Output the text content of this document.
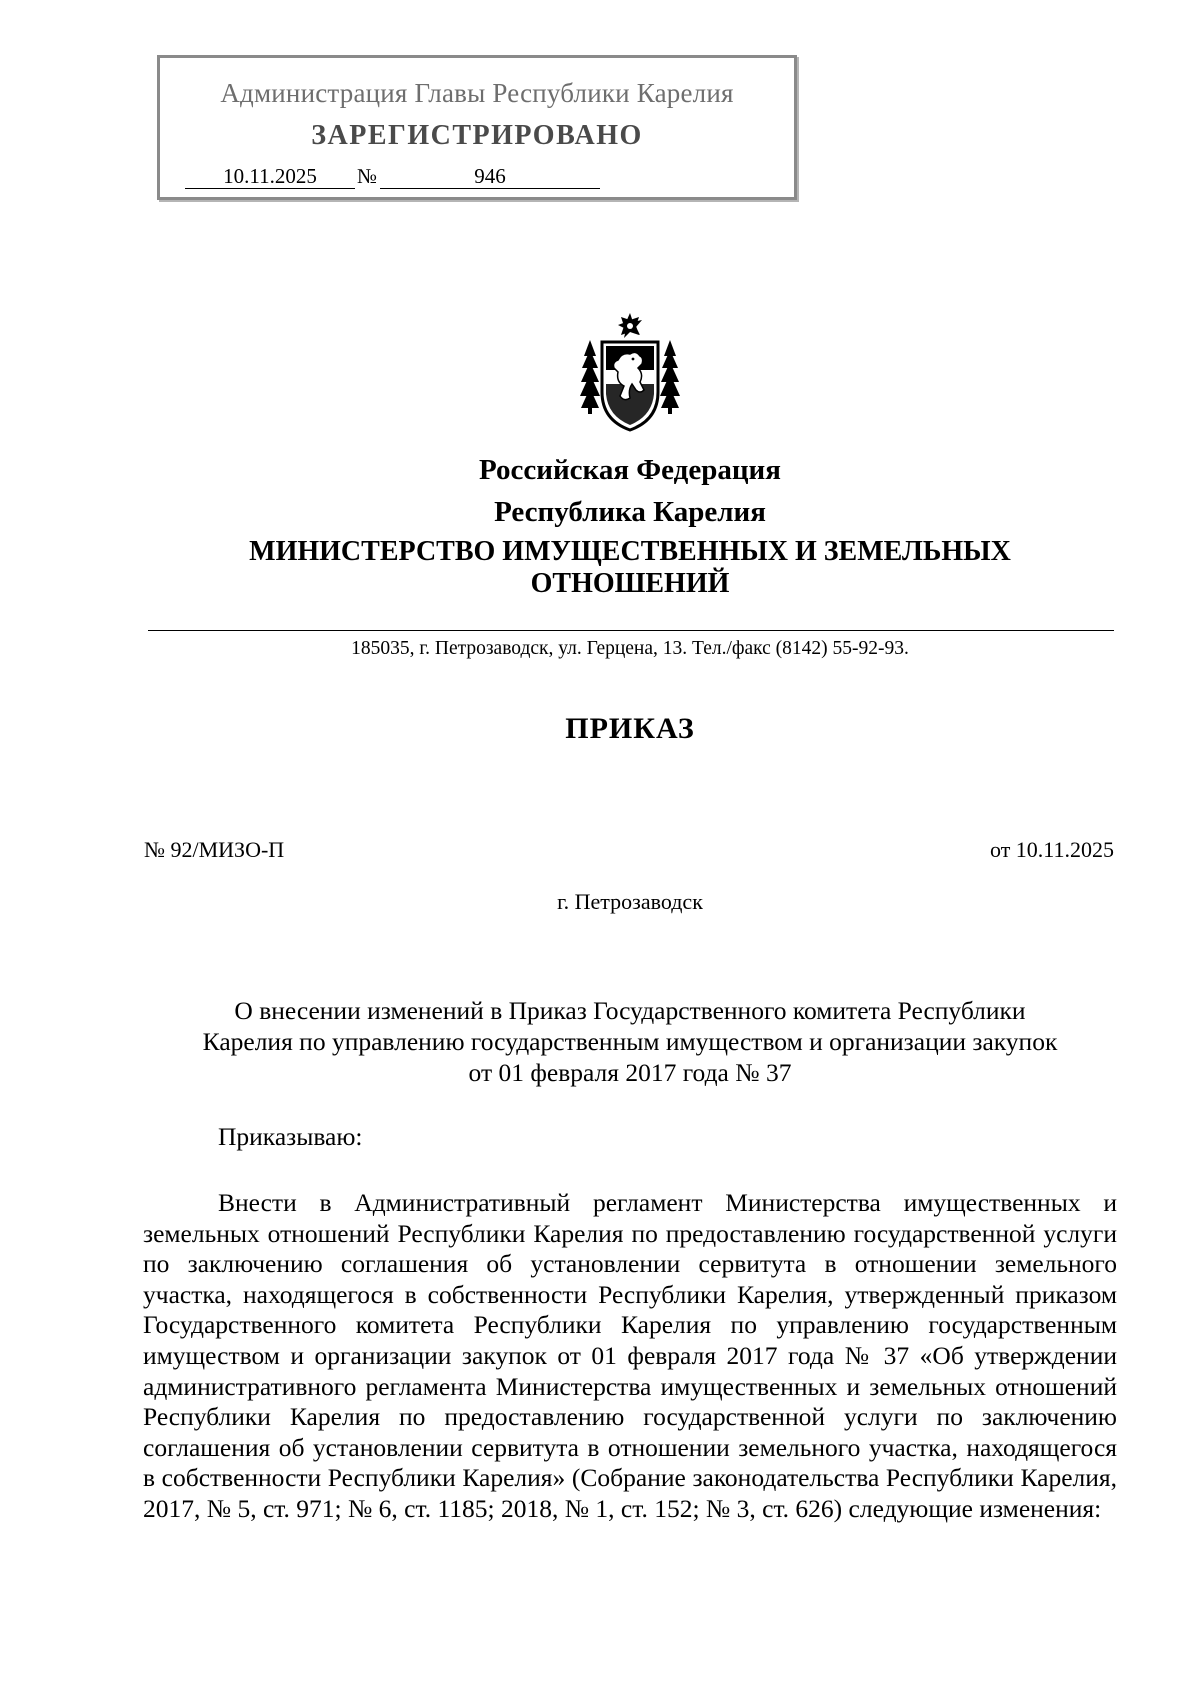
Администрация Главы Республики Карелия
ЗАРЕГИСТРИРОВАНО
10.11.2025 №	946
Российская Федерация
Республика Карелия
МИНИСТЕРСТВО ИМУЩЕСТВЕННЫХ И ЗЕМЕЛЬНЫХ
ОТНОШЕНИЙ
185035, г. Петрозаводск, ул. Герцена, 13. Тел./факс (8142) 55-92-93.
ПРИКАЗ
№ 92/МИЗО-П	от 10.11.2025
г. Петрозаводск
О внесении изменений в Приказ Государственного комитета Республики
Карелия по управлению государственным имуществом и организации закупок
от 01 февраля 2017 года № 37
Приказываю:

Внести в Административный регламент Министерства имущественных и земельных отношений Республики Карелия по предоставлению государственной услуги по заключению соглашения об установлении сервитута в отношении земельного участка, находящегося в собственности Республики Карелия, утвержденный приказом Государственного комитета Республики Карелия по управлению государственным имуществом и организации закупок от 01 февраля 2017 года № 37 «Об утверждении административного регламента Министерства имущественных и земельных отношений Республики Карелия по предоставлению государственной услуги по заключению соглашения об установлении сервитута в отношении земельного участка, находящегося в собственности Республики Карелия» (Собрание законодательства Республики Карелия, 2017, № 5, ст. 971; № 6, ст. 1185; 2018, № 1, ст. 152; № 3, ст. 626) следующие изменения:
